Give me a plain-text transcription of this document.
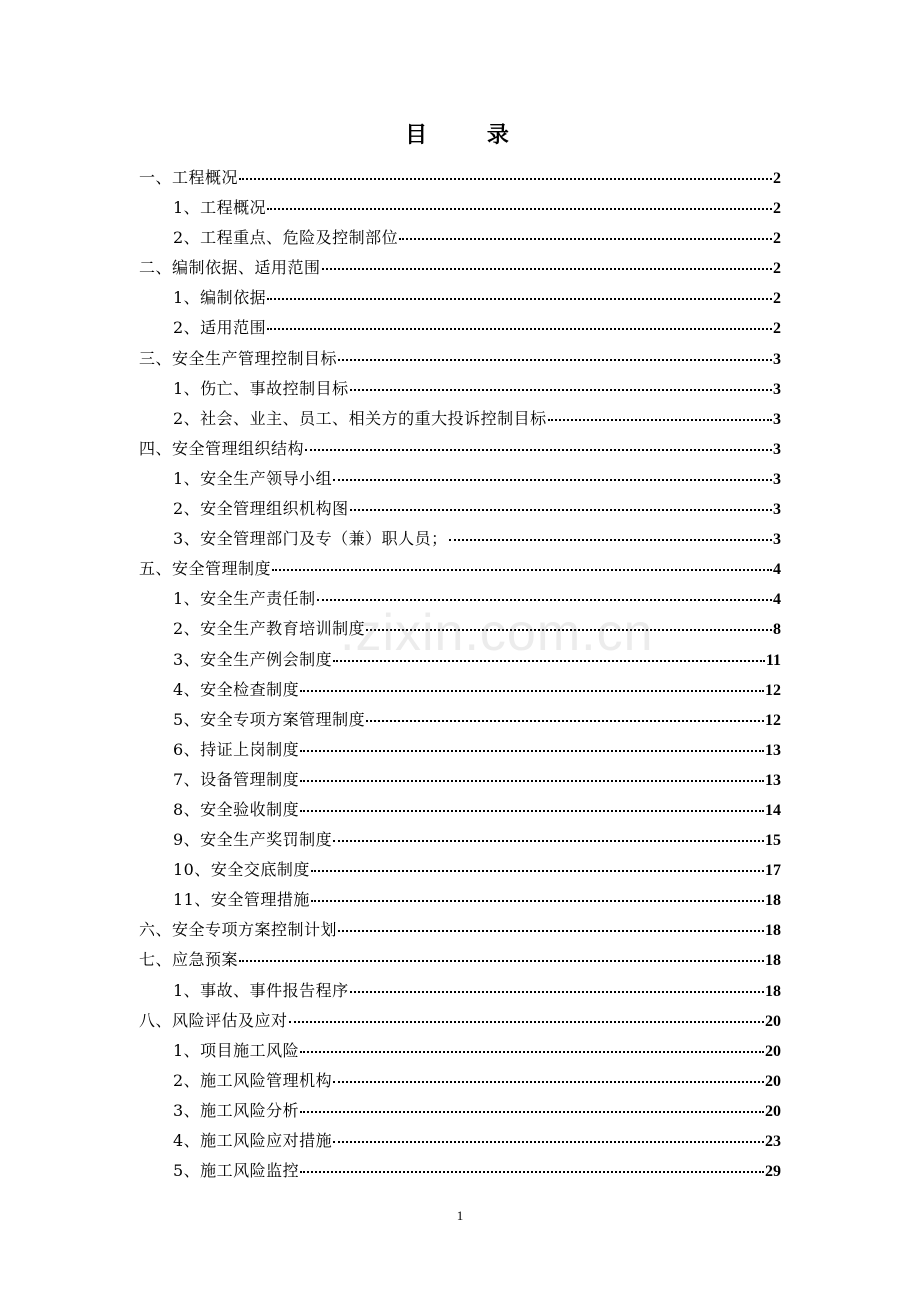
目 录
一、工程概况	2
1、工程概况	2
2、工程重点、危险及控制部位	2
二、编制依据、适用范围	2
1、编制依据	2
2、适用范围	2
三、安全生产管理控制目标	3
1、伤亡、事故控制目标	3
2、社会、业主、员工、相关方的重大投诉控制目标	3
四、安全管理组织结构	3
1、安全生产领导小组	3
2、安全管理组织机构图	3
3、安全管理部门及专（兼）职人员；	3
五、安全管理制度	4
1、安全生产责任制	4
2、安全生产教育培训制度	8
3、安全生产例会制度	11
4、安全检查制度	12
5、安全专项方案管理制度	12
6、持证上岗制度	13
7、设备管理制度	13
8、安全验收制度	14
9、安全生产奖罚制度	15
10、安全交底制度	17
11、安全管理措施	18
六、安全专项方案控制计划	18
七、应急预案	18
1、事故、事件报告程序	18
八、风险评估及应对	20
1、项目施工风险	20
2、施工风险管理机构	20
3、施工风险分析	20
4、施工风险应对措施	23
5、施工风险监控	29
.zixin.com.cn
1
